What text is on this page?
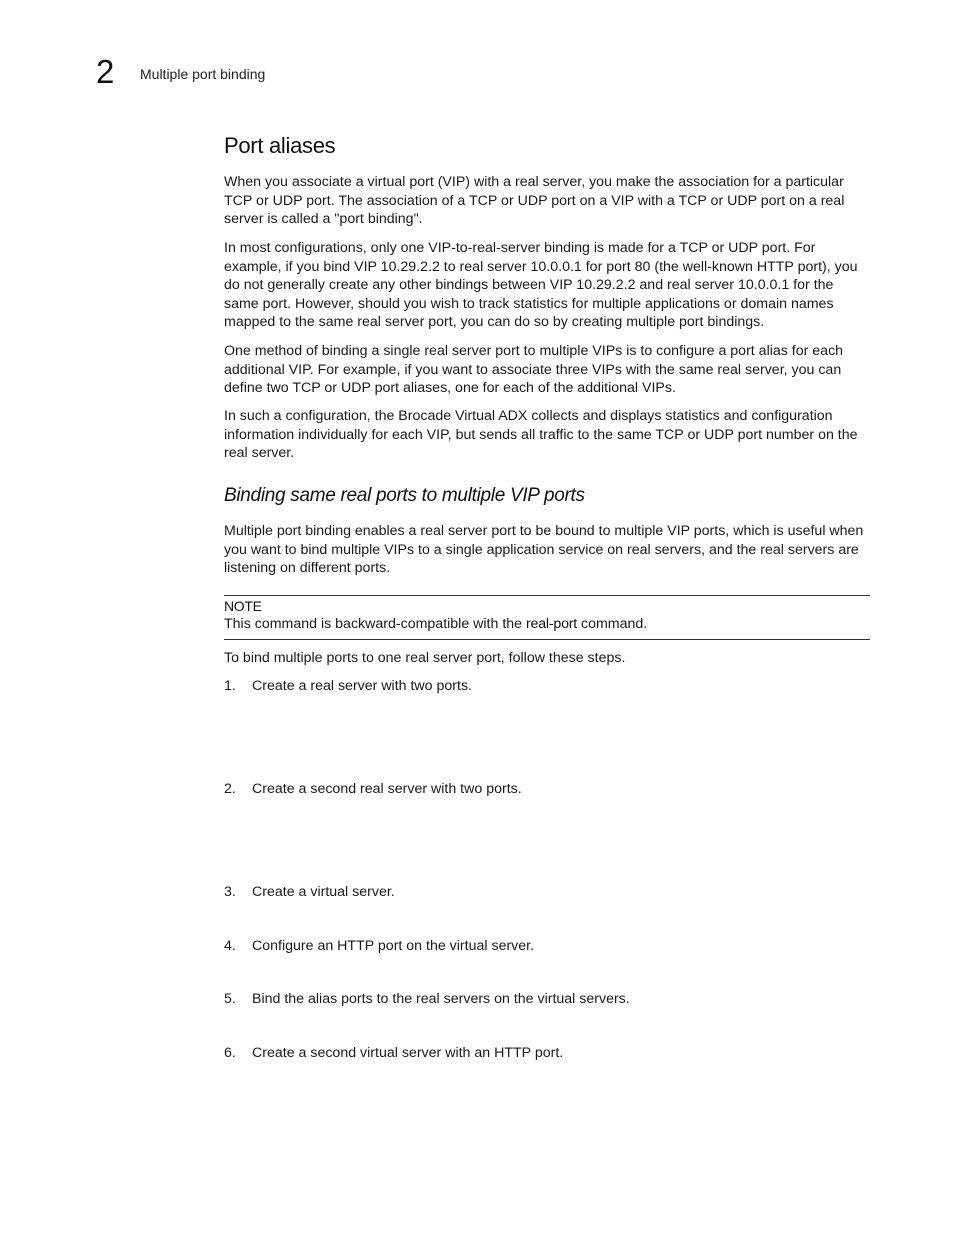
2 Multiple port binding
Port aliases

When you associate a virtual port (VIP) with a real server, you make the association for a particular TCP or UDP port. The association of a TCP or UDP port on a VIP with a TCP or UDP port on a real server is called a "port binding".

In most configurations, only one VIP-to-real-server binding is made for a TCP or UDP port. For example, if you bind VIP 10.29.2.2 to real server 10.0.0.1 for port 80 (the well-known HTTP port), you do not generally create any other bindings between VIP 10.29.2.2 and real server 10.0.0.1 for the same port. However, should you wish to track statistics for multiple applications or domain names mapped to the same real server port, you can do so by creating multiple port bindings.

One method of binding a single real server port to multiple VIPs is to configure a port alias for each additional VIP. For example, if you want to associate three VIPs with the same real server, you can define two TCP or UDP port aliases, one for each of the additional VIPs.

In such a configuration, the Brocade Virtual ADX collects and displays statistics and configuration information individually for each VIP, but sends all traffic to the same TCP or UDP port number on the real server.

Binding same real ports to multiple VIP ports

Multiple port binding enables a real server port to be bound to multiple VIP ports, which is useful when you want to bind multiple VIPs to a single application service on real servers, and the real servers are listening on different ports.

NOTE
This command is backward-compatible with the real-port command.

To bind multiple ports to one real server port, follow these steps.

1. Create a real server with two ports.
2. Create a second real server with two ports.
3. Create a virtual server.
4. Configure an HTTP port on the virtual server.
5. Bind the alias ports to the real servers on the virtual servers.
6. Create a second virtual server with an HTTP port.
